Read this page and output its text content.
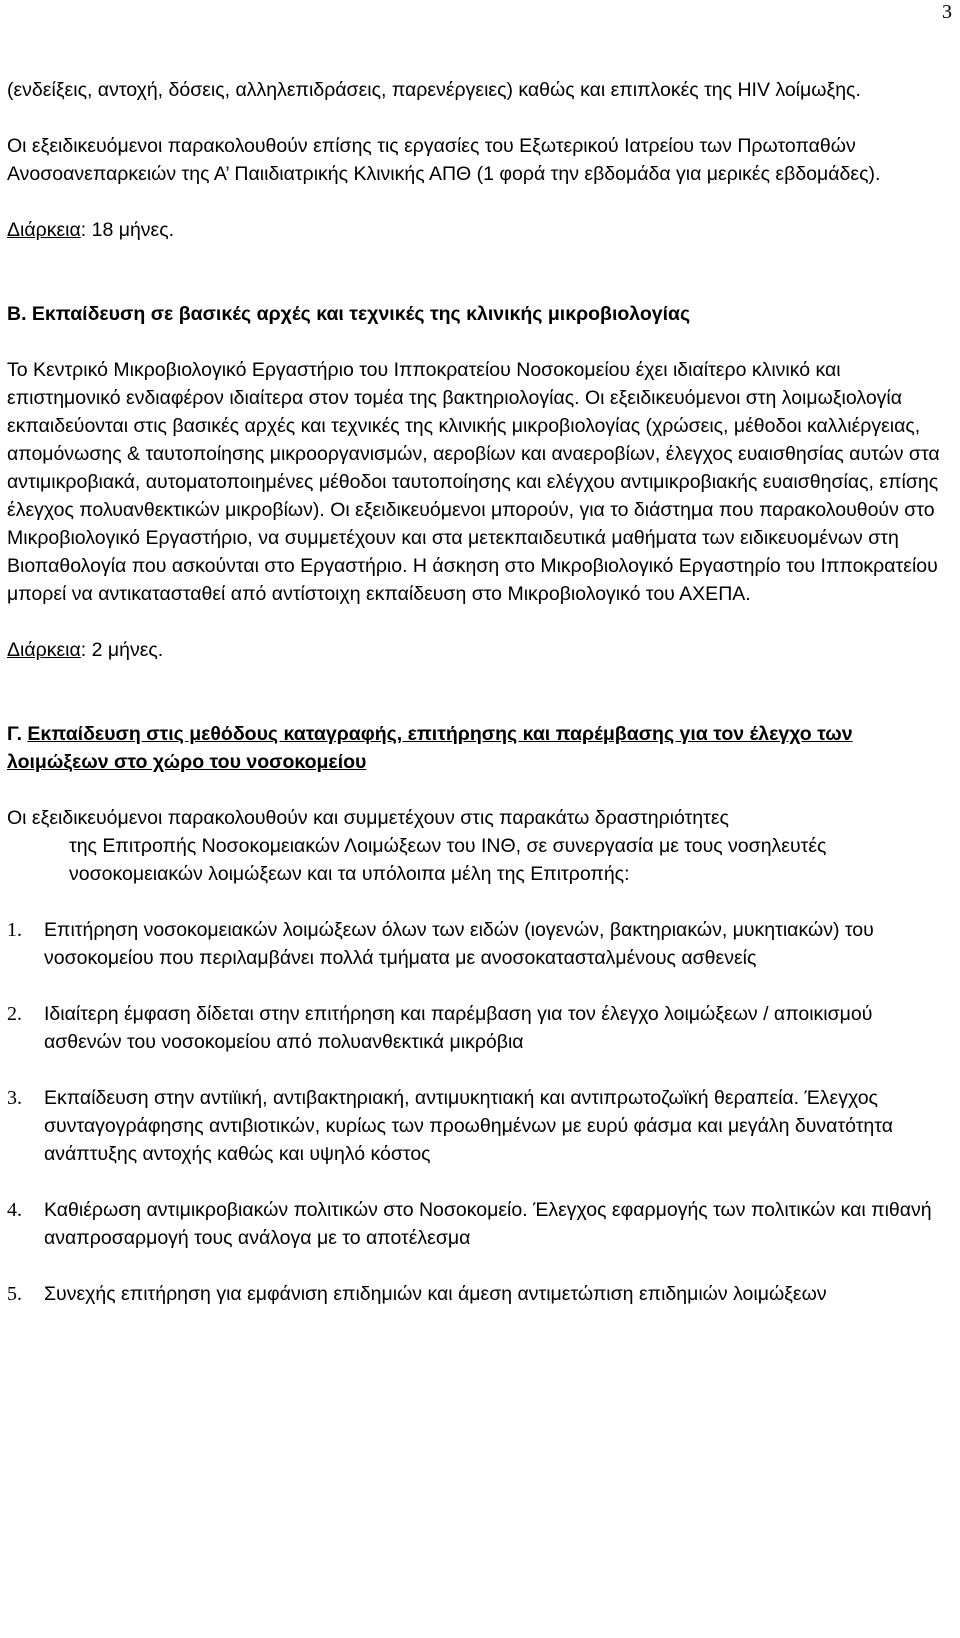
3

(ενδείξεις, αντοχή, δόσεις, αλληλεπιδράσεις, παρενέργειες) καθώς και επιπλοκές της HIV λοίμωξης.

Οι εξειδικευόμενοι παρακολουθούν επίσης τις εργασίες του Εξωτερικού Ιατρείου των Πρωτοπαθών Ανοσοανεπαρκειών της Α’ Παιιδιατρικής Κλινικής ΑΠΘ (1 φορά την εβδομάδα για μερικές εβδομάδες).

Διάρκεια: 18 μήνες.

Β. Εκπαίδευση σε βασικές αρχές και τεχνικές της κλινικής μικροβιολογίας

Το Κεντρικό Μικροβιολογικό Εργαστήριο του Ιπποκρατείου Νοσοκομείου έχει ιδιαίτερο κλινικό και επιστημονικό ενδιαφέρον ιδιαίτερα στον τομέα της βακτηριολογίας. Οι εξειδικευόμενοι στη λοιμωξιολογία εκπαιδεύονται στις βασικές αρχές και τεχνικές της κλινικής μικροβιολογίας (χρώσεις, μέθοδοι καλλιέργειας, απομόνωσης & ταυτοποίησης μικροοργανισμών, αεροβίων και αναεροβίων, έλεγχος ευαισθησίας αυτών στα αντιμικροβιακά, αυτοματοποιημένες μέθοδοι ταυτοποίησης και ελέγχου αντιμικροβιακής ευαισθησίας, επίσης έλεγχος πολυανθεκτικών μικροβίων). Οι εξειδικευόμενοι μπορούν, για το διάστημα που παρακολουθούν στο Μικροβιολογικό Εργαστήριο, να συμμετέχουν και στα μετεκπαιδευτικά μαθήματα των ειδικευομένων στη Βιοπαθολογία που ασκούνται στο Εργαστήριο. Η άσκηση στο Μικροβιολογικό Εργαστηρίο του Ιπποκρατείου μπορεί να αντικατασταθεί από αντίστοιχη εκπαίδευση στο Μικροβιολογικό του ΑΧΕΠΑ.

Διάρκεια: 2 μήνες.

Γ. Εκπαίδευση στις μεθόδους καταγραφής, επιτήρησης και παρέμβασης για τον έλεγχο των λοιμώξεων στο χώρο του νοσοκομείου

Οι εξειδικευόμενοι παρακολουθούν και συμμετέχουν στις παρακάτω δραστηριότητες

της Επιτροπής Νοσοκομειακών Λοιμώξεων του ΙΝΘ, σε συνεργασία με τους νοσηλευτές νοσοκομειακών λοιμώξεων και τα υπόλοιπα μέλη της Επιτροπής:

1. Επιτήρηση νοσοκομειακών λοιμώξεων όλων των ειδών (ιογενών, βακτηριακών, μυκητιακών) του νοσοκομείου που περιλαμβάνει πολλά τμήματα με ανοσοκατασταλμένους ασθενείς
2. Ιδιαίτερη έμφαση δίδεται στην επιτήρηση και παρέμβαση για τον έλεγχο λοιμώξεων / αποικισμού ασθενών του νοσοκομείου από πολυανθεκτικά μικρόβια
3. Εκπαίδευση στην αντιϊική, αντιβακτηριακή, αντιμυκητιακή και αντιπρωτοζωϊκή θεραπεία. Έλεγχος συνταγογράφησης αντιβιοτικών, κυρίως των προωθημένων με ευρύ φάσμα και μεγάλη δυνατότητα ανάπτυξης αντοχής καθώς και υψηλό κόστος
4. Καθιέρωση αντιμικροβιακών πολιτικών στο Νοσοκομείο. Έλεγχος εφαρμογής των πολιτικών και πιθανή αναπροσαρμογή τους ανάλογα με το αποτέλεσμα
5. Συνεχής επιτήρηση για εμφάνιση επιδημιών και άμεση αντιμετώπιση επιδημιών λοιμώξεων
